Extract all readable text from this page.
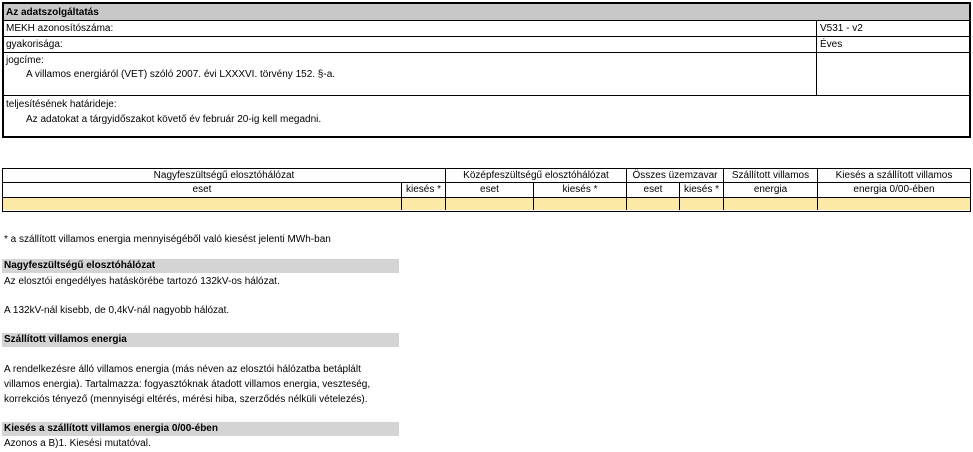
Az adatszolgáltatás
MEKH azonosítószáma:	V531 - v2
gyakorisága:	Éves
jogcíme:
A villamos energiáról (VET) szóló 2007. évi LXXXVI. törvény 152. §-a.
teljesítésének határideje:
Az adatokat a tárgyidőszakot követő év február 20-ig kell megadni.
Nagyfeszültségű elosztóhálózat	Középfeszültségű elosztóhálózat	Összes üzemzavar	Szállított villamos	Kiesés a szállított villamos
eset	kiesés *	eset	kiesés *	eset	kiesés *	energia	energia 0/00-ében
* a szállított villamos energia mennyiségéből való kiesést jelenti MWh-ban
Nagyfeszültségű elosztóhálózat
Az elosztói engedélyes hatáskörébe tartozó 132kV-os hálózat.
A 132kV-nál kisebb, de 0,4kV-nál nagyobb hálózat.
Szállított villamos energia
A rendelkezésre álló villamos energia (más néven az elosztói hálózatba betáplált
villamos energia). Tartalmazza: fogyasztóknak átadott villamos energia, veszteség,
korrekciós tényező (mennyiségi eltérés, mérési hiba, szerződés nélküli vételezés).
Kiesés a szállított villamos energia 0/00-ében
Azonos a B)1. Kiesési mutatóval.
